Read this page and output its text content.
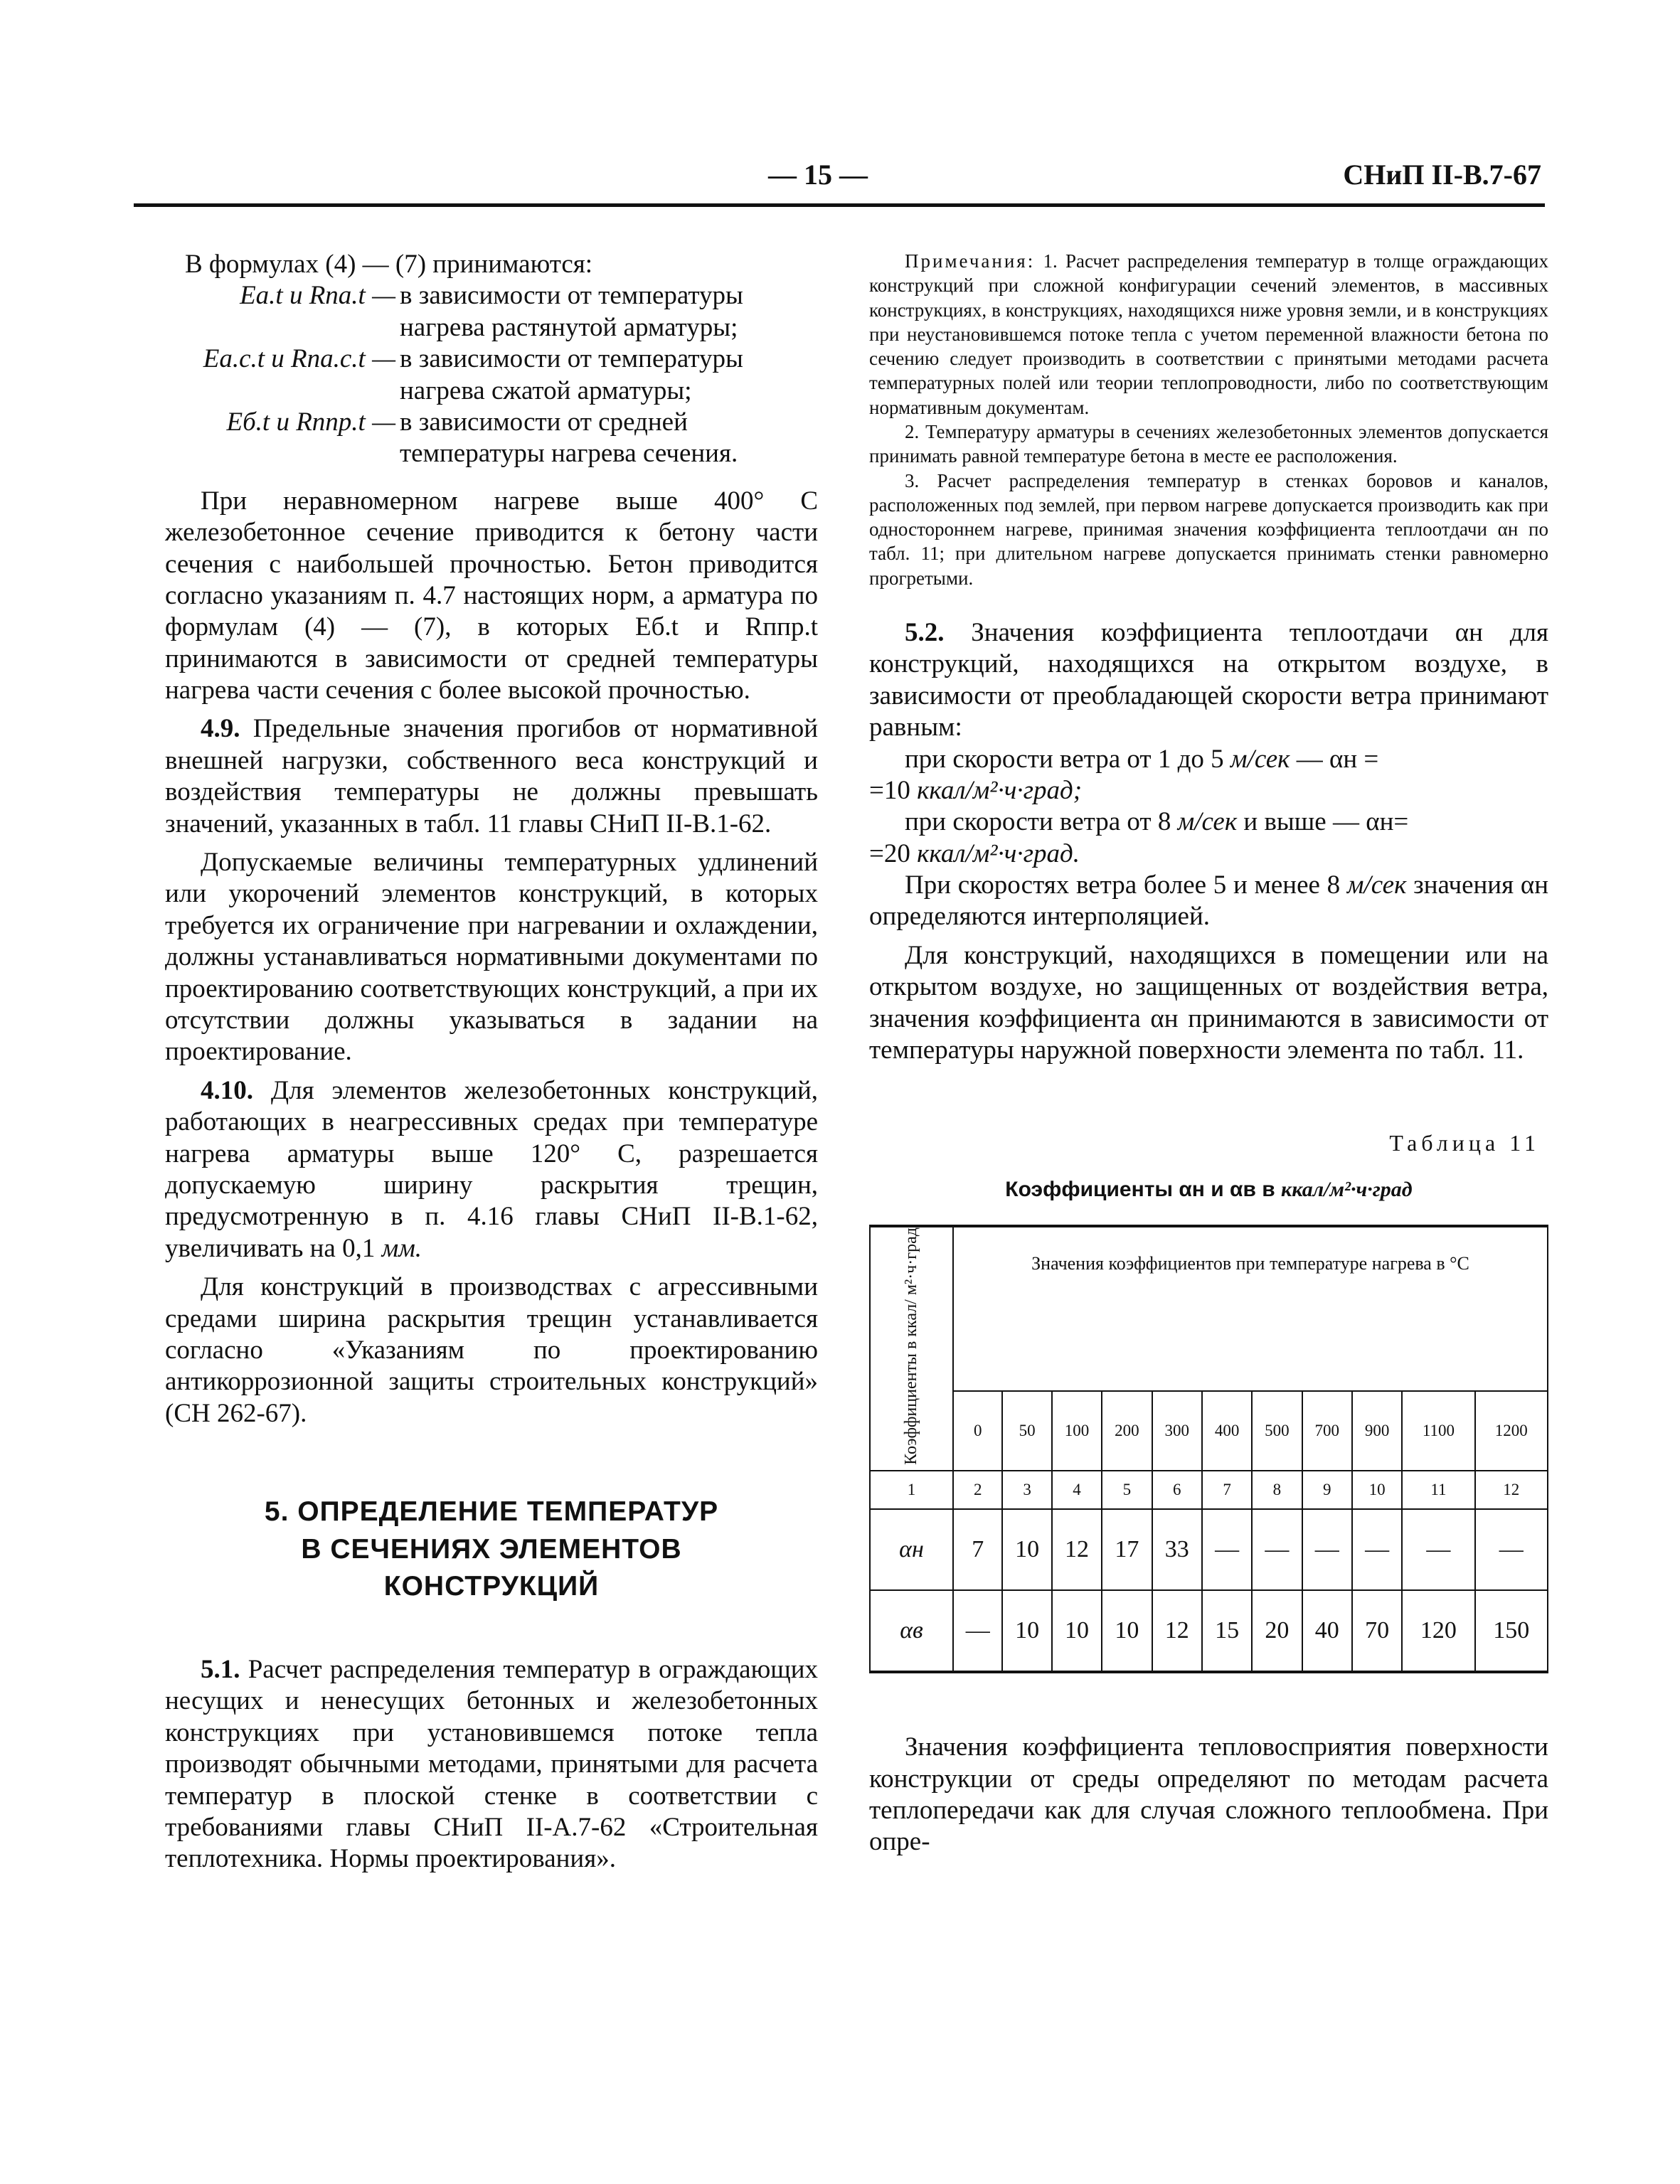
— 15 —	СНиП II-В.7-67

В формулах (4) — (7) принимаются:

Ea.t и Rпa.t — в зависимости от температуры нагрева растянутой арматуры;
Ea.c.t и Rпa.c.t — в зависимости от температуры нагрева сжатой арматуры;
Eб.t и Rппр.t — в зависимости от средней температуры нагрева сечения.

При неравномерном нагреве выше 400° С железобетонное сечение приводится к бетону части сечения с наибольшей прочностью. Бетон приводится согласно указаниям п. 4.7 настоящих норм, а арматура по формулам (4) — (7), в которых Eб.t и Rппр.t принимаются в зависимости от средней температуры нагрева части сечения с более высокой прочностью.

4.9. Предельные значения прогибов от нормативной внешней нагрузки, собственного веса конструкций и воздействия температуры не должны превышать значений, указанных в табл. 11 главы СНиП II-В.1-62.

Допускаемые величины температурных удлинений или укорочений элементов конструкций, в которых требуется их ограничение при нагревании и охлаждении, должны устанавливаться нормативными документами по проектированию соответствующих конструкций, а при их отсутствии должны указываться в задании на проектирование.

4.10. Для элементов железобетонных конструкций, работающих в неагрессивных средах при температуре нагрева арматуры выше 120° С, разрешается допускаемую ширину раскрытия трещин, предусмотренную в п. 4.16 главы СНиП II-В.1-62, увеличивать на 0,1 мм.

Для конструкций в производствах с агрессивными средами ширина раскрытия трещин устанавливается согласно «Указаниям по проектированию антикоррозионной защиты строительных конструкций» (СН 262-67).

5. ОПРЕДЕЛЕНИЕ ТЕМПЕРАТУР
В СЕЧЕНИЯХ ЭЛЕМЕНТОВ
КОНСТРУКЦИЙ

5.1. Расчет распределения температур в ограждающих несущих и ненесущих бетонных и железобетонных конструкциях при установившемся потоке тепла производят обычными методами, принятыми для расчета температур в плоской стенке в соответствии с требованиями главы СНиП II-А.7-62 «Строительная теплотехника. Нормы проектирования».

Примечания: 1. Расчет распределения температур в толще ограждающих конструкций при сложной конфигурации сечений элементов, в массивных конструкциях, в конструкциях, находящихся ниже уровня земли, и в конструкциях при неустановившемся потоке тепла с учетом переменной влажности бетона по сечению следует производить в соответствии с принятыми методами расчета температурных полей или теории теплопроводности, либо по соответствующим нормативным документам.

2. Температуру арматуры в сечениях железобетонных элементов допускается принимать равной температуре бетона в месте ее расположения.

3. Расчет распределения температур в стенках боровов и каналов, расположенных под землей, при первом нагреве допускается производить как при одностороннем нагреве, принимая значения коэффициента теплоотдачи αн по табл. 11; при длительном нагреве допускается принимать стенки равномерно прогретыми.

5.2. Значения коэффициента теплоотдачи αн для конструкций, находящихся на открытом воздухе, в зависимости от преобладающей скорости ветра принимают равным:

при скорости ветра от 1 до 5 м/сек — αн =

=10 ккал/м²·ч·град;

при скорости ветра от 8 м/сек и выше — αн=

=20 ккал/м²·ч·град.

При скоростях ветра более 5 и менее 8 м/сек значения αн определяются интерполяцией.

Для конструкций, находящихся в помещении или на открытом воздухе, но защищенных от воздействия ветра, значения коэффициента αн принимаются в зависимости от температуры наружной поверхности элемента по табл. 11.

Таблица 11
Коэффициенты αн и αв в ккал/м²·ч·град
Коэффициенты в ккал/ м²·ч·град	Значения коэффициентов при температуре нагрева в °С										
	0	50	100	200	300	400	500	700	900	1100	1200
1	2	3	4	5	6	7	8	9	10	11	12
αн	7	10	12	17	33	—	—	—	—	—	—
αв	—	10	10	10	12	15	20	40	70	120	150

Значения коэффициента тепловосприятия поверхности конструкции от среды определяют по методам расчета теплопередачи как для случая сложного теплообмена. При опре-
